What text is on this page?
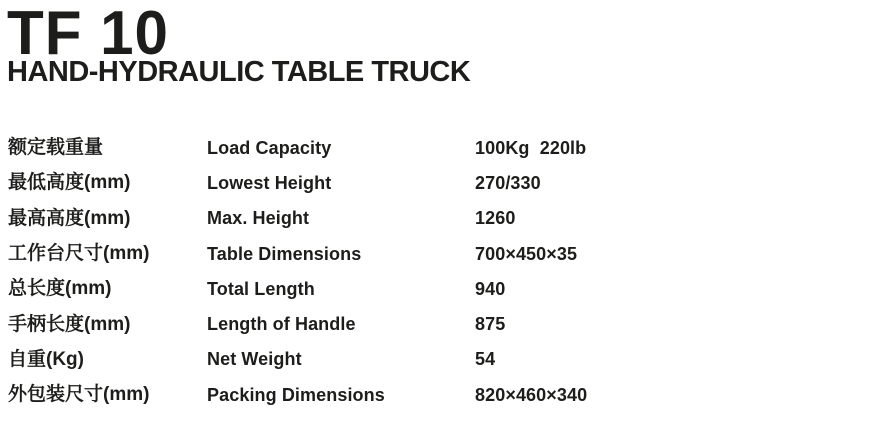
TF 10
HAND-HYDRAULIC TABLE TRUCK
额定载重量	Load Capacity	100Kg  220lb
最低高度(mm)	Lowest Height	270/330
最高高度(mm)	Max. Height	1260
工作台尺寸(mm)	Table Dimensions	700×450×35
总长度(mm)	Total Length	940
手柄长度(mm)	Length of Handle	875
自重(Kg)	Net Weight	54
外包装尺寸(mm)	Packing Dimensions	820×460×340
